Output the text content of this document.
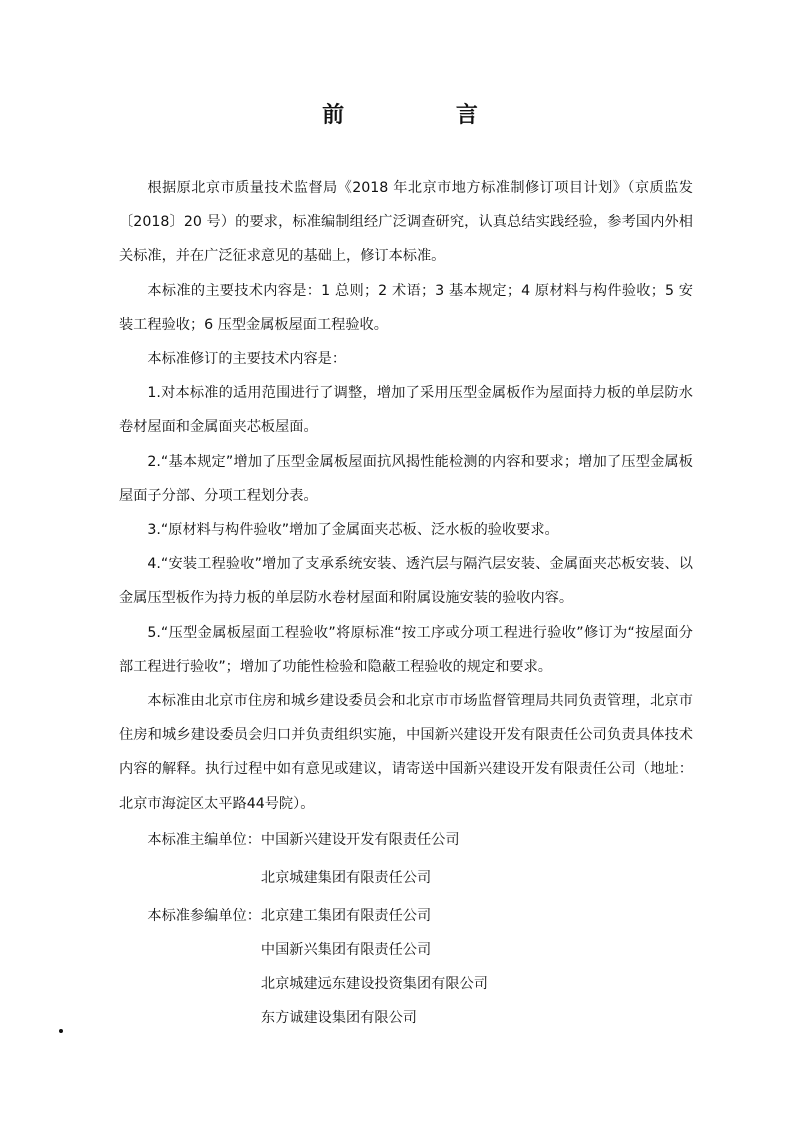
前 言

根据原北京市质量技术监督局《2018 年北京市地方标准制修订项目计划》（京质监发〔2018〕20 号）的要求，标准编制组经广泛调查研究，认真总结实践经验，参考国内外相关标准，并在广泛征求意见的基础上，修订本标准。

本标准的主要技术内容是：1 总则；2 术语；3 基本规定；4 原材料与构件验收；5 安装工程验收；6 压型金属板屋面工程验收。

本标准修订的主要技术内容是：

1.对本标准的适用范围进行了调整，增加了采用压型金属板作为屋面持力板的单层防水卷材屋面和金属面夹芯板屋面。

2.“基本规定”增加了压型金属板屋面抗风揭性能检测的内容和要求；增加了压型金属板屋面子分部、分项工程划分表。

3.“原材料与构件验收”增加了金属面夹芯板、泛水板的验收要求。

4.“安装工程验收”增加了支承系统安装、透汽层与隔汽层安装、金属面夹芯板安装、以金属压型板作为持力板的单层防水卷材屋面和附属设施安装的验收内容。

5.“压型金属板屋面工程验收”将原标准“按工序或分项工程进行验收”修订为“按屋面分部工程进行验收”；增加了功能性检验和隐蔽工程验收的规定和要求。

本标准由北京市住房和城乡建设委员会和北京市市场监督管理局共同负责管理，北京市住房和城乡建设委员会归口并负责组织实施，中国新兴建设开发有限责任公司负责具体技术内容的解释。执行过程中如有意见或建议，请寄送中国新兴建设开发有限责任公司（地址：北京市海淀区太平路44号院）。

本标准主编单位： 中国新兴建设开发有限责任公司
北京城建集团有限责任公司
本标准参编单位： 北京建工集团有限责任公司
中国新兴集团有限责任公司
北京城建远东建设投资集团有限公司
东方诚建设集团有限公司
